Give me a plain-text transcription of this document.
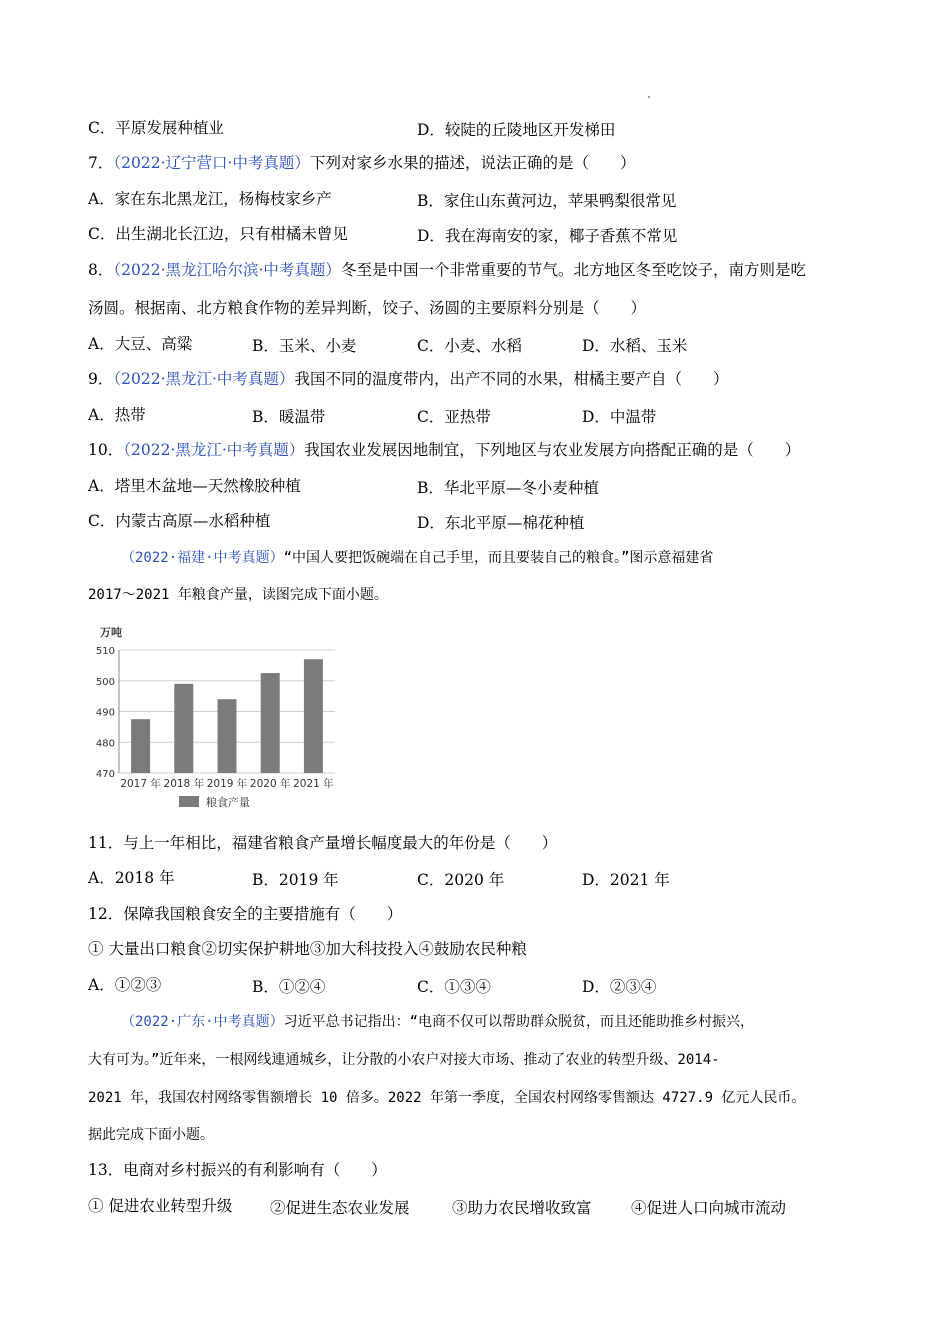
C．平原发展种植业	D．较陡的丘陵地区开发梯田
7．（2022·辽宁营口·中考真题）下列对家乡水果的描述，说法正确的是（　　）
A．家在东北黑龙江，杨梅枝家乡产	B．家住山东黄河边，苹果鸭梨很常见
C．出生湖北长江边，只有柑橘未曾见	D．我在海南安的家，椰子香蕉不常见
8．（2022·黑龙江哈尔滨·中考真题）冬至是中国一个非常重要的节气。北方地区冬至吃饺子，南方则是吃
汤圆。根据南、北方粮食作物的差异判断，饺子、汤圆的主要原料分别是（　　）
A．大豆、高粱	B．玉米、小麦	C．小麦、水稻	D．水稻、玉米
9．（2022·黑龙江·中考真题）我国不同的温度带内，出产不同的水果，柑橘主要产自（　　）
A．热带	B．暖温带	C．亚热带	D．中温带
10．（2022·黑龙江·中考真题）我国农业发展因地制宜，下列地区与农业发展方向搭配正确的是（　　）
A．塔里木盆地—天然橡胶种植	B．华北平原—冬小麦种植
C．内蒙古高原—水稻种植	D．东北平原—棉花种植
（2022·福建·中考真题）“中国人要把饭碗端在自己手里，而且要装自己的粮食。”图示意福建省
2017～2021 年粮食产量，读图完成下面小题。
万吨
510
500
490
480
470
2017 年 2018 年 2019 年 2020 年 2021 年
粮食产量
11．与上一年相比，福建省粮食产量增长幅度最大的年份是（　　）
A．2018 年	B．2019 年	C．2020 年	D．2021 年
12．保障我国粮食安全的主要措施有（　　）
① 大量出口粮食②切实保护耕地③加大科技投入④鼓励农民种粮
A．①②③	B．①②④	C．①③④	D．②③④
（2022·广东·中考真题）习近平总书记指出：“电商不仅可以帮助群众脱贫，而且还能助推乡村振兴，
大有可为。”近年来，一根网线連通城乡，让分散的小农户对接大市场、推动了农业的转型升级、2014-
2021 年，我国农村网络零售额增长 10 倍多。2022 年第一季度，全国农村网络零售额达 4727.9 亿元人民币。
据此完成下面小题。
13．电商对乡村振兴的有利影响有（　　）
① 促进农业转型升级 ②促进生态农业发展	③助力农民增收致富	④促进人口向城市流动
